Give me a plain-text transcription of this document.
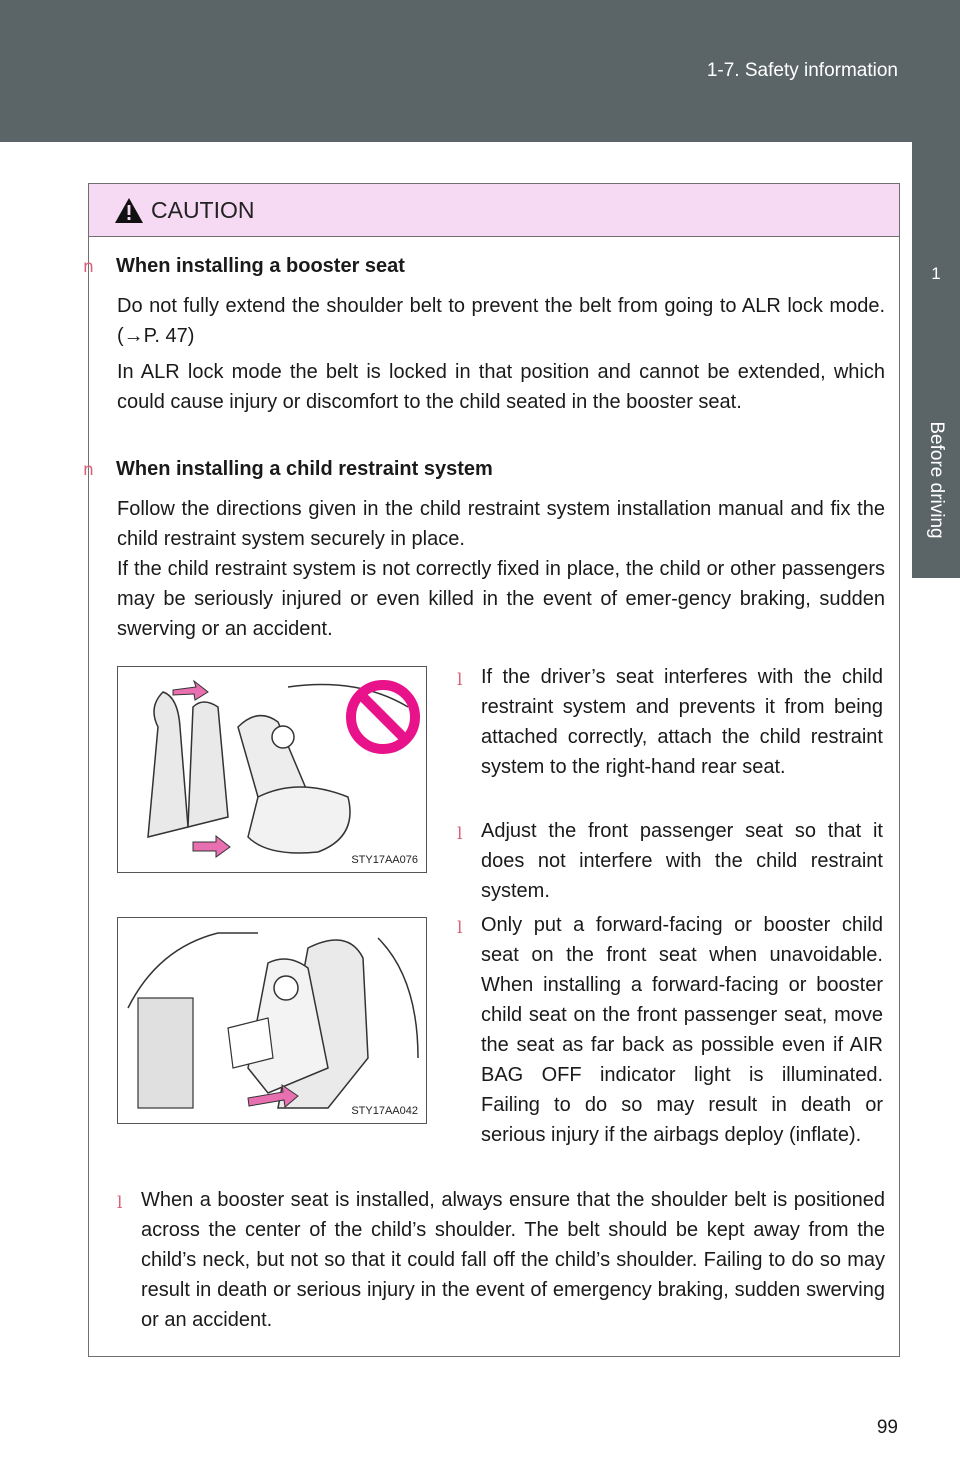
1-7. Safety information
1
Before driving
CAUTION
n When installing a booster seat
Do not fully extend the shoulder belt to prevent the belt from going to ALR lock mode. (→P. 47)
In ALR lock mode the belt is locked in that position and cannot be extended, which could cause injury or discomfort to the child seated in the booster seat.
n When installing a child restraint system
Follow the directions given in the child restraint system installation manual and fix the child restraint system securely in place.
If the child restraint system is not correctly fixed in place, the child or other passengers may be seriously injured or even killed in the event of emer-gency braking, sudden swerving or an accident.
STY17AA076
l If the driver’s seat interferes with the child restraint system and prevents it from being attached correctly, attach the child restraint system to the right-hand rear seat.
l Adjust the front passenger seat so that it does not interfere with the child restraint system.
STY17AA042
l Only put a forward-facing or booster child seat on the front seat when unavoidable. When installing a forward-facing or booster child seat on the front passenger seat, move the seat as far back as possible even if AIR BAG OFF indicator light is illuminated. Failing to do so may result in death or serious injury if the airbags deploy (inflate).
l When a booster seat is installed, always ensure that the shoulder belt is positioned across the center of the child’s shoulder. The belt should be kept away from the child’s neck, but not so that it could fall off the child’s shoulder. Failing to do so may result in death or serious injury in the event of emergency braking, sudden swerving or an accident.
99
